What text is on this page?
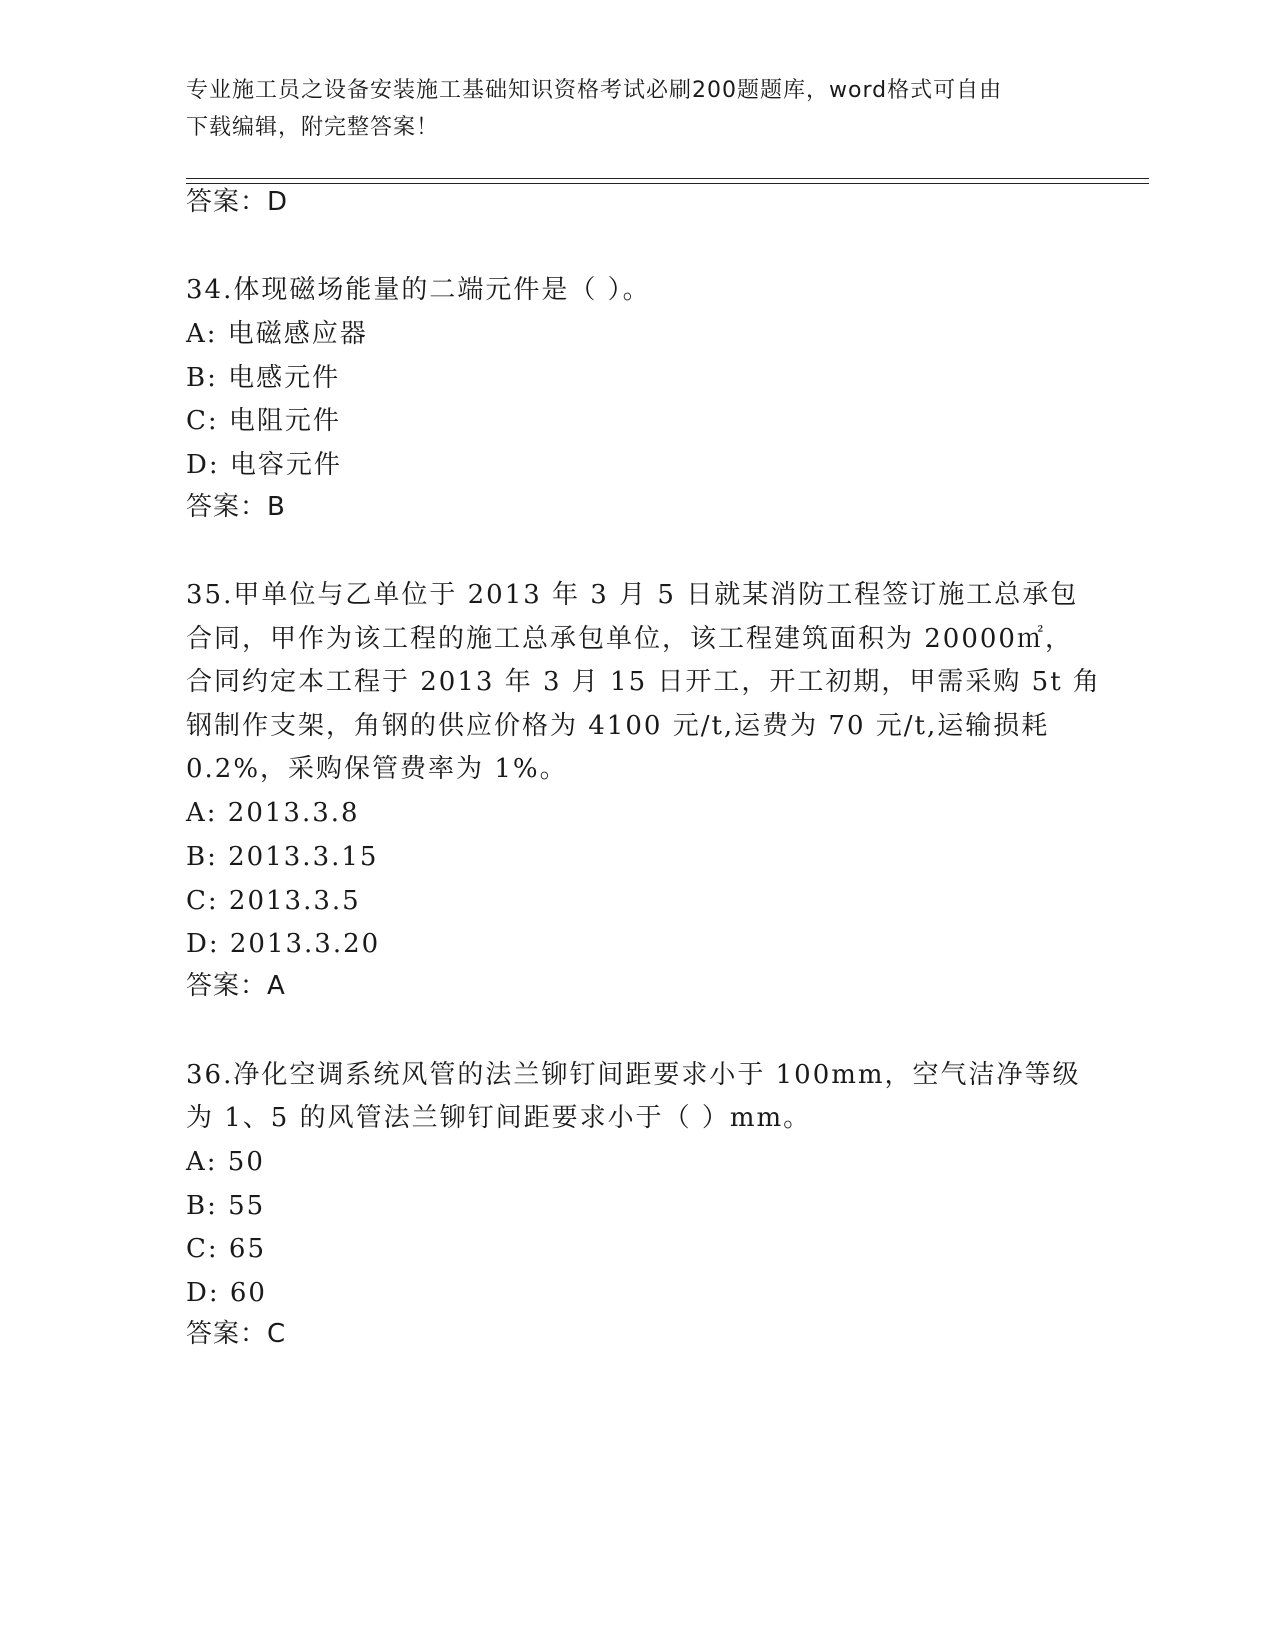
专业施工员之设备安装施工基础知识资格考试必刷200题题库，word格式可自由
下载编辑，附完整答案！
答案：D
34.体现磁场能量的二端元件是（ ）。
A: 电磁感应器
B: 电感元件
C: 电阻元件
D: 电容元件
答案：B
35.甲单位与乙单位于 2013 年 3 月 5 日就某消防工程签订施工总承包
合同，甲作为该工程的施工总承包单位，该工程建筑面积为 20000㎡，
合同约定本工程于 2013 年 3 月 15 日开工，开工初期，甲需采购 5t 角
钢制作支架，角钢的供应价格为 4100 元/t,运费为 70 元/t,运输损耗
0.2%，采购保管费率为 1%。
A: 2013.3.8
B: 2013.3.15
C: 2013.3.5
D: 2013.3.20
答案：A
36.净化空调系统风管的法兰铆钉间距要求小于 100mm，空气洁净等级
为 1、5 的风管法兰铆钉间距要求小于（ ）mm。
A: 50
B: 55
C: 65
D: 60
答案：C
